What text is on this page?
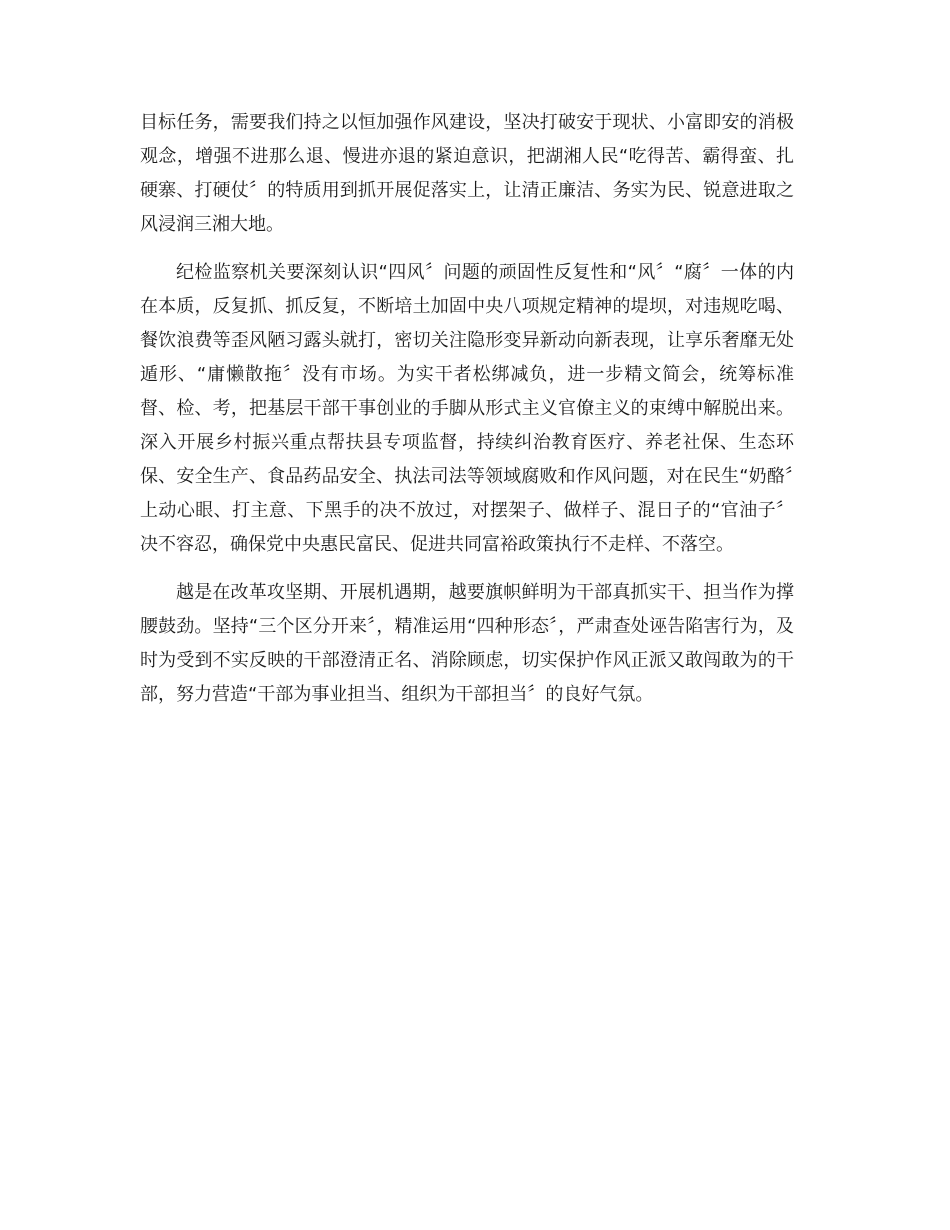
目标任务，需要我们持之以恒加强作风建设，坚决打破安于现状、小富即安的消极观念，增强不进那么退、慢进亦退的紧迫意识，把湖湘人民“吃得苦、霸得蛮、扎硬寨、打硬仗〞的特质用到抓开展促落实上，让清正廉洁、务实为民、锐意进取之风浸润三湘大地。

纪检监察机关要深刻认识“四风〞问题的顽固性反复性和“风〞“腐〞一体的内在本质，反复抓、抓反复，不断培土加固中央八项规定精神的堤坝，对违规吃喝、餐饮浪费等歪风陋习露头就打，密切关注隐形变异新动向新表现，让享乐奢靡无处遁形、“庸懒散拖〞没有市场。为实干者松绑减负，进一步精文简会，统筹标准督、检、考，把基层干部干事创业的手脚从形式主义官僚主义的束缚中解脱出来。深入开展乡村振兴重点帮扶县专项监督，持续纠治教育医疗、养老社保、生态环保、安全生产、食品药品安全、执法司法等领域腐败和作风问题，对在民生“奶酪〞上动心眼、打主意、下黑手的决不放过，对摆架子、做样子、混日子的“官油子〞决不容忍，确保党中央惠民富民、促进共同富裕政策执行不走样、不落空。

越是在改革攻坚期、开展机遇期，越要旗帜鲜明为干部真抓实干、担当作为撑腰鼓劲。坚持“三个区分开来〞，精准运用“四种形态〞，严肃查处诬告陷害行为，及时为受到不实反映的干部澄清正名、消除顾虑，切实保护作风正派又敢闯敢为的干部，努力营造“干部为事业担当、组织为干部担当〞的良好气氛。
